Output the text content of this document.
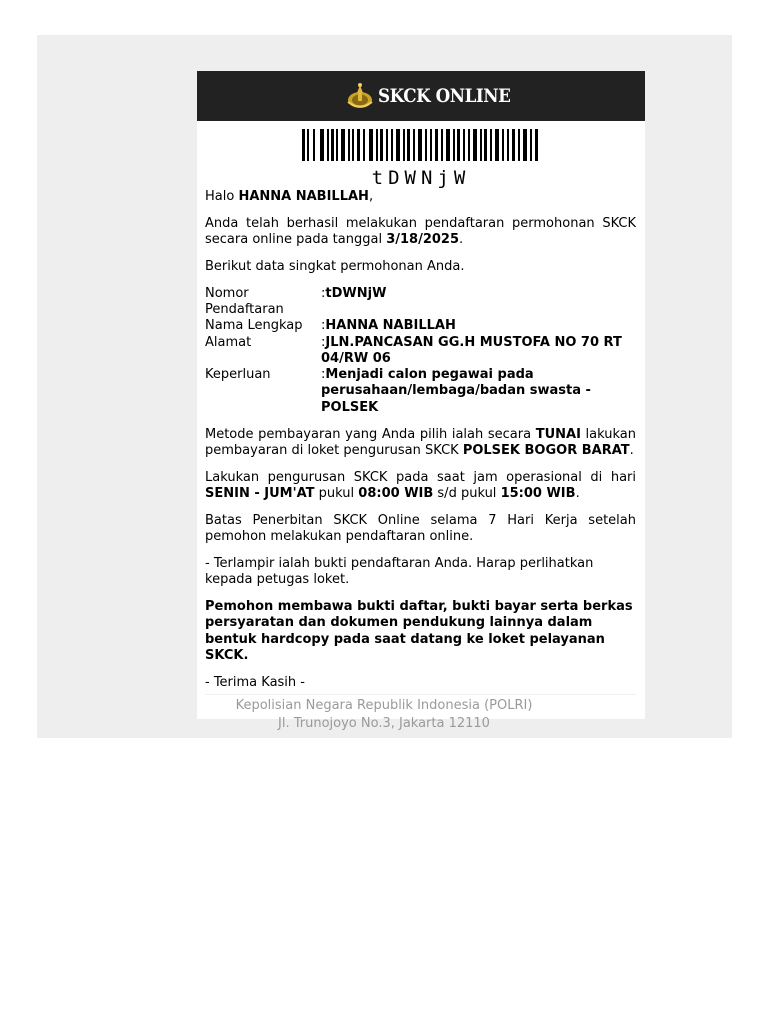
SKCK ONLINE
tDWNjW

Halo HANNA NABILLAH,

Anda telah berhasil melakukan pendaftaran permohonan SKCK secara online pada tanggal 3/18/2025.

Berikut data singkat permohonan Anda.

Nomor Pendaftaran	:tDWNjW
Nama Lengkap	:HANNA NABILLAH
Alamat	:JLN.PANCASAN GG.H MUSTOFA NO 70 RT 04/RW 06
Keperluan	:Menjadi calon pegawai pada perusahaan/lembaga/badan swasta - POLSEK

Metode pembayaran yang Anda pilih ialah secara TUNAI lakukan pembayaran di loket pengurusan SKCK POLSEK BOGOR BARAT.

Lakukan pengurusan SKCK pada saat jam operasional di hari SENIN - JUM'AT pukul 08:00 WIB s/d pukul 15:00 WIB.

Batas Penerbitan SKCK Online selama 7 Hari Kerja setelah pemohon melakukan pendaftaran online.

- Terlampir ialah bukti pendaftaran Anda. Harap perlihatkan kepada petugas loket.

Pemohon membawa bukti daftar, bukti bayar serta berkas persyaratan dan dokumen pendukung lainnya dalam bentuk hardcopy pada saat datang ke loket pelayanan SKCK.

- Terima Kasih -

Kepolisian Negara Republik Indonesia (POLRI)
Jl. Trunojoyo No.3, Jakarta 12110
